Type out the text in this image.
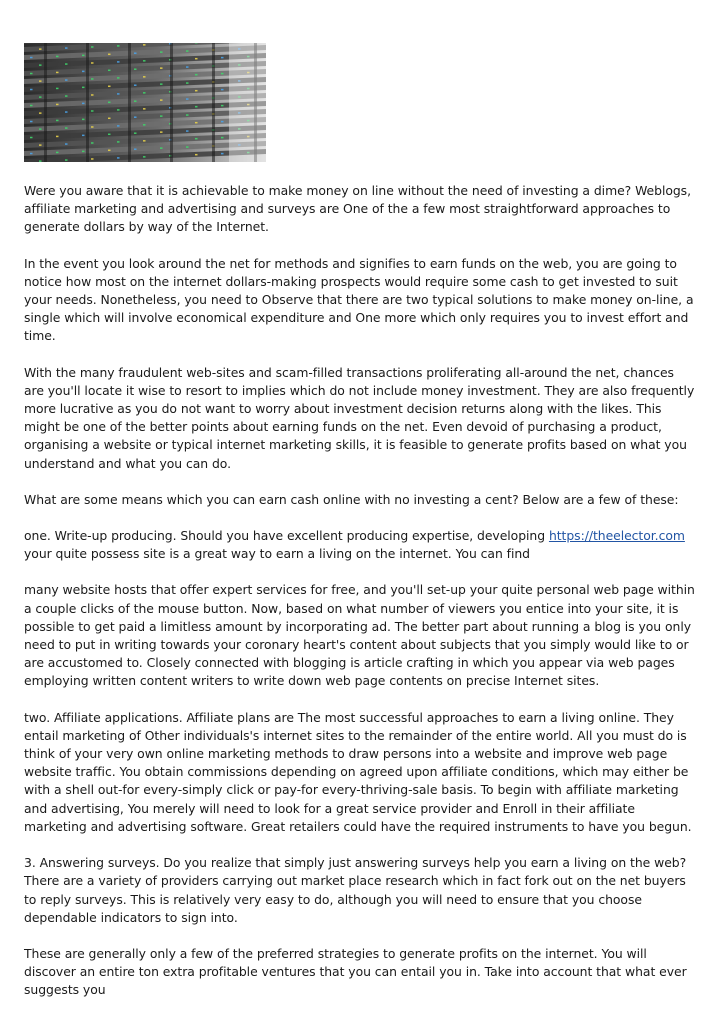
Were you aware that it is achievable to make money on line without the need of investing a dime? Weblogs, affiliate marketing and advertising and surveys are One of the a few most straightforward approaches to generate dollars by way of the Internet.

In the event you look around the net for methods and signifies to earn funds on the web, you are going to notice how most on the internet dollars-making prospects would require some cash to get invested to suit your needs. Nonetheless, you need to Observe that there are two typical solutions to make money on-line, a single which will involve economical expenditure and One more which only requires you to invest effort and time.

With the many fraudulent web-sites and scam-filled transactions proliferating all-around the net, chances are you'll locate it wise to resort to implies which do not include money investment. They are also frequently more lucrative as you do not want to worry about investment decision returns along with the likes. This might be one of the better points about earning funds on the net. Even devoid of purchasing a product, organising a website or typical internet marketing skills, it is feasible to generate profits based on what you understand and what you can do.

What are some means which you can earn cash online with no investing a cent? Below are a few of these:

one. Write-up producing. Should you have excellent producing expertise, developing https://theelector.com your quite possess site is a great way to earn a living on the internet. You can find

many website hosts that offer expert services for free, and you'll set-up your quite personal web page within a couple clicks of the mouse button. Now, based on what number of viewers you entice into your site, it is possible to get paid a limitless amount by incorporating ad. The better part about running a blog is you only need to put in writing towards your coronary heart's content about subjects that you simply would like to or are accustomed to. Closely connected with blogging is article crafting in which you appear via web pages employing written content writers to write down web page contents on precise Internet sites.

two. Affiliate applications. Affiliate plans are The most successful approaches to earn a living online. They entail marketing of Other individuals's internet sites to the remainder of the entire world. All you must do is think of your very own online marketing methods to draw persons into a website and improve web page website traffic. You obtain commissions depending on agreed upon affiliate conditions, which may either be with a shell out-for every-simply click or pay-for every-thriving-sale basis. To begin with affiliate marketing and advertising, You merely will need to look for a great service provider and Enroll in their affiliate marketing and advertising software. Great retailers could have the required instruments to have you begun.

3. Answering surveys. Do you realize that simply just answering surveys help you earn a living on the web? There are a variety of providers carrying out market place research which in fact fork out on the net buyers to reply surveys. This is relatively very easy to do, although you will need to ensure that you choose dependable indicators to sign into.

These are generally only a few of the preferred strategies to generate profits on the internet. You will discover an entire ton extra profitable ventures that you can entail you in. Take into account that what ever suggests you
